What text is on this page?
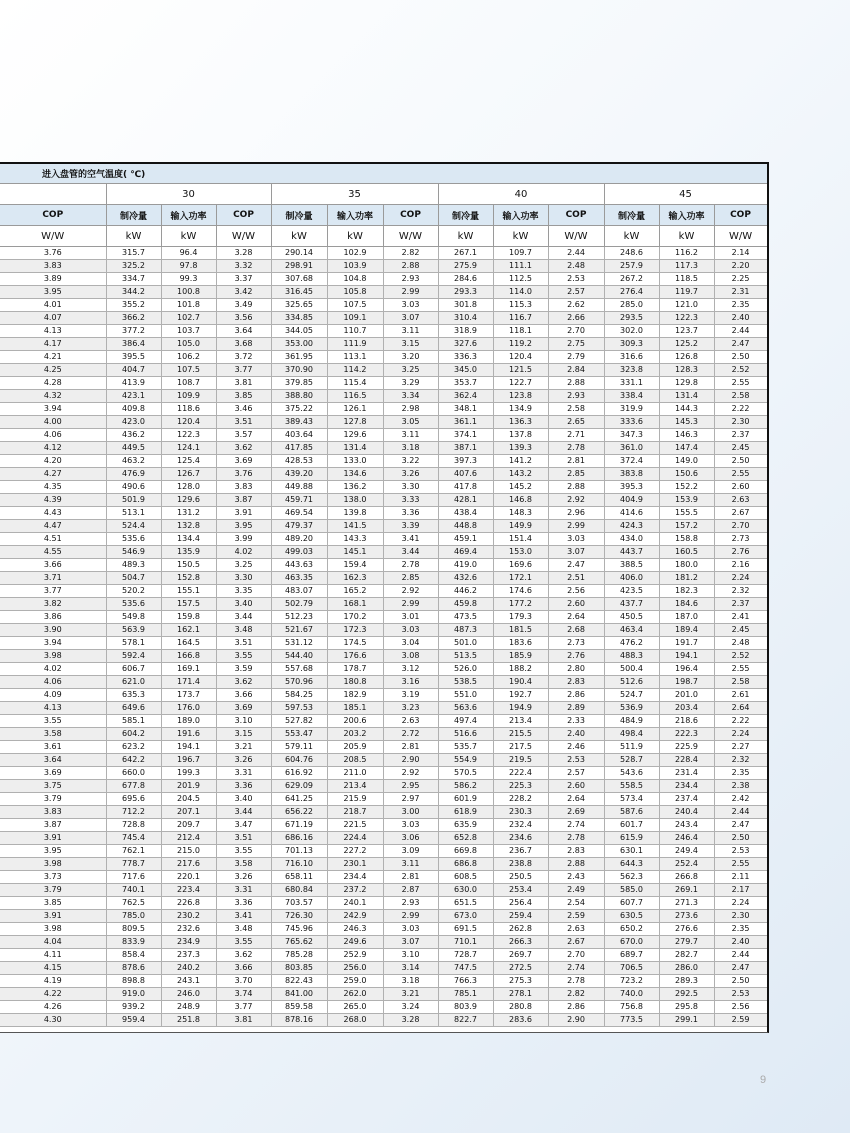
进入盘管的空气温度( ℃)												
	30			35			40			45		
COP	制冷量	输入功率	COP	制冷量	输入功率	COP	制冷量	输入功率	COP	制冷量	输入功率	COP
W/W	kW	kW	W/W	kW	kW	W/W	kW	kW	W/W	kW	kW	W/W
3.76	315.7	96.4	3.28	290.14	102.9	2.82	267.1	109.7	2.44	248.6	116.2	2.14
3.83	325.2	97.8	3.32	298.91	103.9	2.88	275.9	111.1	2.48	257.9	117.3	2.20
3.89	334.7	99.3	3.37	307.68	104.8	2.93	284.6	112.5	2.53	267.2	118.5	2.25
3.95	344.2	100.8	3.42	316.45	105.8	2.99	293.3	114.0	2.57	276.4	119.7	2.31
4.01	355.2	101.8	3.49	325.65	107.5	3.03	301.8	115.3	2.62	285.0	121.0	2.35
4.07	366.2	102.7	3.56	334.85	109.1	3.07	310.4	116.7	2.66	293.5	122.3	2.40
4.13	377.2	103.7	3.64	344.05	110.7	3.11	318.9	118.1	2.70	302.0	123.7	2.44
4.17	386.4	105.0	3.68	353.00	111.9	3.15	327.6	119.2	2.75	309.3	125.2	2.47
4.21	395.5	106.2	3.72	361.95	113.1	3.20	336.3	120.4	2.79	316.6	126.8	2.50
4.25	404.7	107.5	3.77	370.90	114.2	3.25	345.0	121.5	2.84	323.8	128.3	2.52
4.28	413.9	108.7	3.81	379.85	115.4	3.29	353.7	122.7	2.88	331.1	129.8	2.55
4.32	423.1	109.9	3.85	388.80	116.5	3.34	362.4	123.8	2.93	338.4	131.4	2.58
3.94	409.8	118.6	3.46	375.22	126.1	2.98	348.1	134.9	2.58	319.9	144.3	2.22
4.00	423.0	120.4	3.51	389.43	127.8	3.05	361.1	136.3	2.65	333.6	145.3	2.30
4.06	436.2	122.3	3.57	403.64	129.6	3.11	374.1	137.8	2.71	347.3	146.3	2.37
4.12	449.5	124.1	3.62	417.85	131.4	3.18	387.1	139.3	2.78	361.0	147.4	2.45
4.20	463.2	125.4	3.69	428.53	133.0	3.22	397.3	141.2	2.81	372.4	149.0	2.50
4.27	476.9	126.7	3.76	439.20	134.6	3.26	407.6	143.2	2.85	383.8	150.6	2.55
4.35	490.6	128.0	3.83	449.88	136.2	3.30	417.8	145.2	2.88	395.3	152.2	2.60
4.39	501.9	129.6	3.87	459.71	138.0	3.33	428.1	146.8	2.92	404.9	153.9	2.63
4.43	513.1	131.2	3.91	469.54	139.8	3.36	438.4	148.3	2.96	414.6	155.5	2.67
4.47	524.4	132.8	3.95	479.37	141.5	3.39	448.8	149.9	2.99	424.3	157.2	2.70
4.51	535.6	134.4	3.99	489.20	143.3	3.41	459.1	151.4	3.03	434.0	158.8	2.73
4.55	546.9	135.9	4.02	499.03	145.1	3.44	469.4	153.0	3.07	443.7	160.5	2.76
3.66	489.3	150.5	3.25	443.63	159.4	2.78	419.0	169.6	2.47	388.5	180.0	2.16
3.71	504.7	152.8	3.30	463.35	162.3	2.85	432.6	172.1	2.51	406.0	181.2	2.24
3.77	520.2	155.1	3.35	483.07	165.2	2.92	446.2	174.6	2.56	423.5	182.3	2.32
3.82	535.6	157.5	3.40	502.79	168.1	2.99	459.8	177.2	2.60	437.7	184.6	2.37
3.86	549.8	159.8	3.44	512.23	170.2	3.01	473.5	179.3	2.64	450.5	187.0	2.41
3.90	563.9	162.1	3.48	521.67	172.3	3.03	487.3	181.5	2.68	463.4	189.4	2.45
3.94	578.1	164.5	3.51	531.12	174.5	3.04	501.0	183.6	2.73	476.2	191.7	2.48
3.98	592.4	166.8	3.55	544.40	176.6	3.08	513.5	185.9	2.76	488.3	194.1	2.52
4.02	606.7	169.1	3.59	557.68	178.7	3.12	526.0	188.2	2.80	500.4	196.4	2.55
4.06	621.0	171.4	3.62	570.96	180.8	3.16	538.5	190.4	2.83	512.6	198.7	2.58
4.09	635.3	173.7	3.66	584.25	182.9	3.19	551.0	192.7	2.86	524.7	201.0	2.61
4.13	649.6	176.0	3.69	597.53	185.1	3.23	563.6	194.9	2.89	536.9	203.4	2.64
3.55	585.1	189.0	3.10	527.82	200.6	2.63	497.4	213.4	2.33	484.9	218.6	2.22
3.58	604.2	191.6	3.15	553.47	203.2	2.72	516.6	215.5	2.40	498.4	222.3	2.24
3.61	623.2	194.1	3.21	579.11	205.9	2.81	535.7	217.5	2.46	511.9	225.9	2.27
3.64	642.2	196.7	3.26	604.76	208.5	2.90	554.9	219.5	2.53	528.7	228.4	2.32
3.69	660.0	199.3	3.31	616.92	211.0	2.92	570.5	222.4	2.57	543.6	231.4	2.35
3.75	677.8	201.9	3.36	629.09	213.4	2.95	586.2	225.3	2.60	558.5	234.4	2.38
3.79	695.6	204.5	3.40	641.25	215.9	2.97	601.9	228.2	2.64	573.4	237.4	2.42
3.83	712.2	207.1	3.44	656.22	218.7	3.00	618.9	230.3	2.69	587.6	240.4	2.44
3.87	728.8	209.7	3.47	671.19	221.5	3.03	635.9	232.4	2.74	601.7	243.4	2.47
3.91	745.4	212.4	3.51	686.16	224.4	3.06	652.8	234.6	2.78	615.9	246.4	2.50
3.95	762.1	215.0	3.55	701.13	227.2	3.09	669.8	236.7	2.83	630.1	249.4	2.53
3.98	778.7	217.6	3.58	716.10	230.1	3.11	686.8	238.8	2.88	644.3	252.4	2.55
3.73	717.6	220.1	3.26	658.11	234.4	2.81	608.5	250.5	2.43	562.3	266.8	2.11
3.79	740.1	223.4	3.31	680.84	237.2	2.87	630.0	253.4	2.49	585.0	269.1	2.17
3.85	762.5	226.8	3.36	703.57	240.1	2.93	651.5	256.4	2.54	607.7	271.3	2.24
3.91	785.0	230.2	3.41	726.30	242.9	2.99	673.0	259.4	2.59	630.5	273.6	2.30
3.98	809.5	232.6	3.48	745.96	246.3	3.03	691.5	262.8	2.63	650.2	276.6	2.35
4.04	833.9	234.9	3.55	765.62	249.6	3.07	710.1	266.3	2.67	670.0	279.7	2.40
4.11	858.4	237.3	3.62	785.28	252.9	3.10	728.7	269.7	2.70	689.7	282.7	2.44
4.15	878.6	240.2	3.66	803.85	256.0	3.14	747.5	272.5	2.74	706.5	286.0	2.47
4.19	898.8	243.1	3.70	822.43	259.0	3.18	766.3	275.3	2.78	723.2	289.3	2.50
4.22	919.0	246.0	3.74	841.00	262.0	3.21	785.1	278.1	2.82	740.0	292.5	2.53
4.26	939.2	248.9	3.77	859.58	265.0	3.24	803.9	280.8	2.86	756.8	295.8	2.56
4.30	959.4	251.8	3.81	878.16	268.0	3.28	822.7	283.6	2.90	773.5	299.1	2.59
9
